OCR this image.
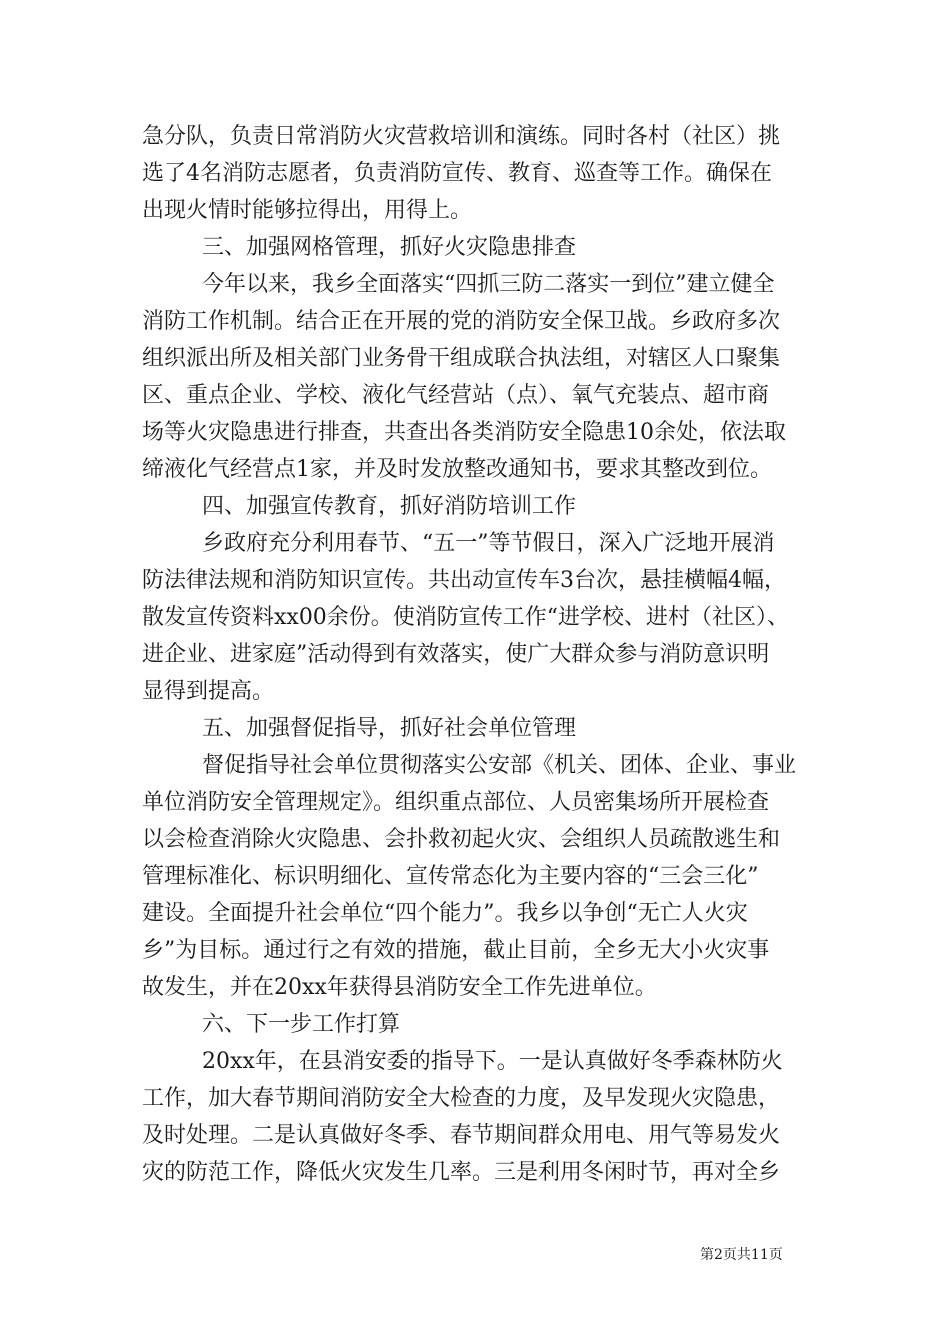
急分队，负责日常消防火灾营救培训和演练。同时各村（社区）挑
选了4名消防志愿者，负责消防宣传、教育、巡查等工作。确保在
出现火情时能够拉得出，用得上。
三、加强网格管理，抓好火灾隐患排查
今年以来，我乡全面落实“四抓三防二落实一到位”建立健全
消防工作机制。结合正在开展的党的消防安全保卫战。乡政府多次
组织派出所及相关部门业务骨干组成联合执法组，对辖区人口聚集
区、重点企业、学校、液化气经营站（点）、氧气充装点、超市商
场等火灾隐患进行排查，共查出各类消防安全隐患10余处，依法取
缔液化气经营点1家，并及时发放整改通知书，要求其整改到位。
四、加强宣传教育，抓好消防培训工作
乡政府充分利用春节、“五一”等节假日，深入广泛地开展消
防法律法规和消防知识宣传。共出动宣传车3台次，悬挂横幅4幅，
散发宣传资料xx00余份。使消防宣传工作“进学校、进村（社区）、
进企业、进家庭”活动得到有效落实，使广大群众参与消防意识明
显得到提高。
五、加强督促指导，抓好社会单位管理
督促指导社会单位贯彻落实公安部《机关、团体、企业、事业
单位消防安全管理规定》。组织重点部位、人员密集场所开展检查
以会检查消除火灾隐患、会扑救初起火灾、会组织人员疏散逃生和
管理标准化、标识明细化、宣传常态化为主要内容的“三会三化”
建设。全面提升社会单位“四个能力”。我乡以争创“无亡人火灾
乡”为目标。通过行之有效的措施，截止目前，全乡无大小火灾事
故发生，并在20xx年获得县消防安全工作先进单位。
六、下一步工作打算
20xx年，在县消安委的指导下。一是认真做好冬季森林防火
工作，加大春节期间消防安全大检查的力度，及早发现火灾隐患，
及时处理。二是认真做好冬季、春节期间群众用电、用气等易发火
灾的防范工作，降低火灾发生几率。三是利用冬闲时节，再对全乡
第2页共11页
